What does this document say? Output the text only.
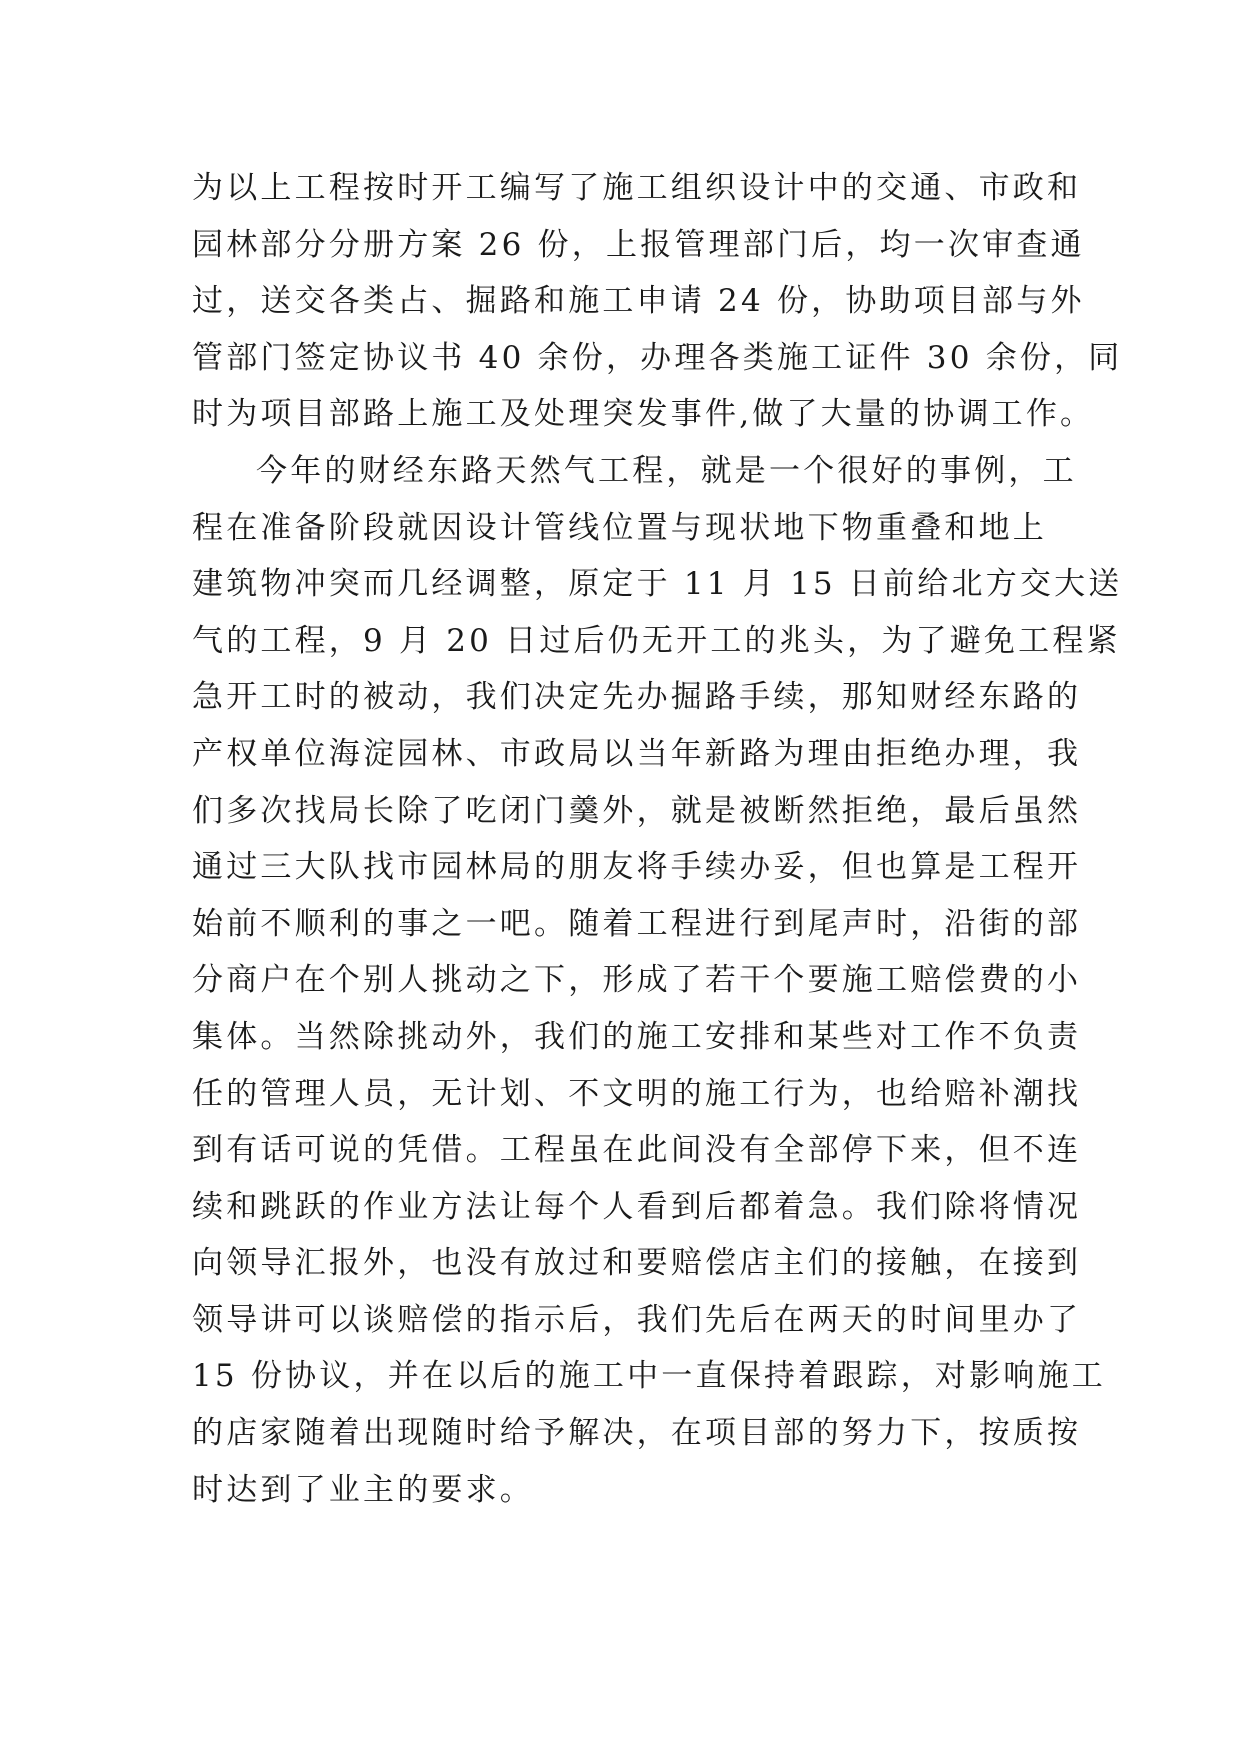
为以上工程按时开工编写了施工组织设计中的交通、市政和
园林部分分册方案 26 份，上报管理部门后，均一次审查通
过，送交各类占、掘路和施工申请 24 份，协助项目部与外
管部门签定协议书 40 余份，办理各类施工证件 30 余份，同
时为项目部路上施工及处理突发事件,做了大量的协调工作。
今年的财经东路天然气工程，就是一个很好的事例，工
程在准备阶段就因设计管线位置与现状地下物重叠和地上
建筑物冲突而几经调整，原定于 11 月 15 日前给北方交大送
气的工程，9 月 20 日过后仍无开工的兆头，为了避免工程紧
急开工时的被动，我们决定先办掘路手续，那知财经东路的
产权单位海淀园林、市政局以当年新路为理由拒绝办理，我
们多次找局长除了吃闭门羹外，就是被断然拒绝，最后虽然
通过三大队找市园林局的朋友将手续办妥，但也算是工程开
始前不顺利的事之一吧。随着工程进行到尾声时，沿街的部
分商户在个别人挑动之下，形成了若干个要施工赔偿费的小
集体。当然除挑动外，我们的施工安排和某些对工作不负责
任的管理人员，无计划、不文明的施工行为，也给赔补潮找
到有话可说的凭借。工程虽在此间没有全部停下来，但不连
续和跳跃的作业方法让每个人看到后都着急。我们除将情况
向领导汇报外，也没有放过和要赔偿店主们的接触，在接到
领导讲可以谈赔偿的指示后，我们先后在两天的时间里办了
15 份协议，并在以后的施工中一直保持着跟踪，对影响施工
的店家随着出现随时给予解决，在项目部的努力下，按质按
时达到了业主的要求。
